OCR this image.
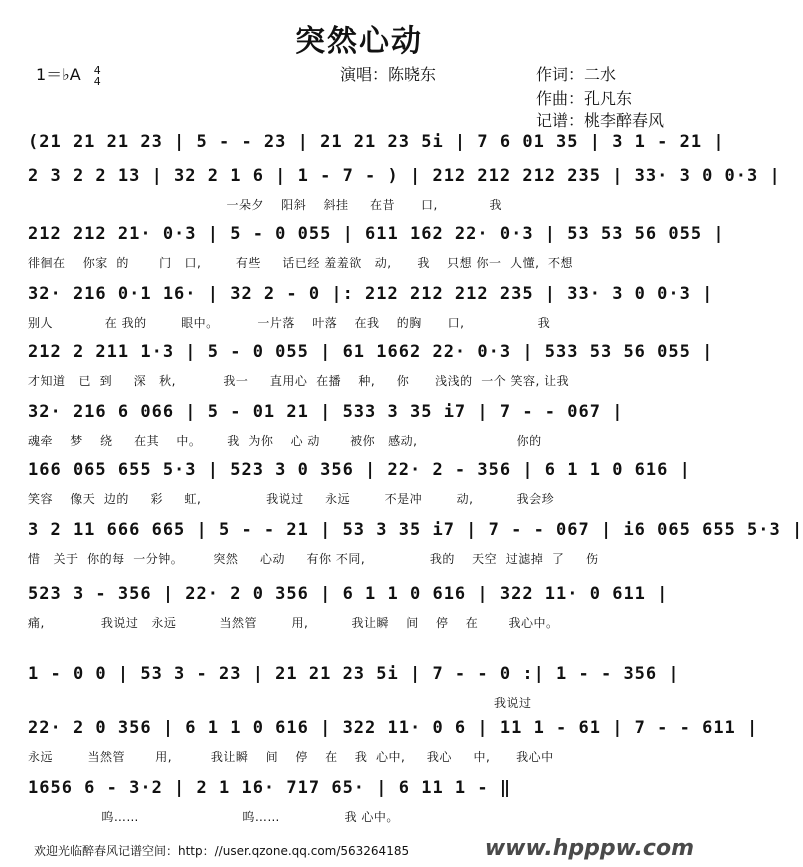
突然心动
1＝♭A 4
4	演唱：陈晓东	作词：二水
作曲：孔凡东
记谱：桃李醉春风
(21 21 21 23 | 5 - - 23 | 21 21 23 5i | 7 6 01 35 | 3 1 - 21 |
2 3 2 2 13 | 32 2 1 6 | 1 - 7 - ) | 212 212 212 235 | 33· 3 0 0·3 |
一朵夕    阳斜    斜挂     在昔      口,            我
212 212 21· 0·3 | 5 - 0 055 | 611 162 22· 0·3 | 53 53 56 055 |
徘徊在    你家  的       门   口,        有些     话已经 羞羞欲   动,      我    只想 你一  人懂,  不想
32· 216 0·1 16· | 32 2 - 0 |: 212 212 212 235 | 33· 3 0 0·3 |
别人            在 我的        眼中。         一片落    叶落    在我    的胸      口,                 我
212 2 211 1·3 | 5 - 0 055 | 61 1662 22· 0·3 | 533 53 56 055 |
才知道   已  到     深   秋,           我一     直用心  在播    种,     你      浅浅的  一个 笑容, 让我
32· 216 6 066 | 5 - 01 21 | 533 3 35 i7 | 7 - - 067 |
魂牵    梦    绕     在其    中。      我  为你    心 动       被你   感动,                       你的
166 065 655 5·3 | 523 3 0 356 | 22· 2 - 356 | 6 1 1 0 616 |
笑容    像天  边的     彩     虹,               我说过     永远        不是冲        动,          我会珍
3 2 11 666 665 | 5 - - 21 | 53 3 35 i7 | 7 - - 067 | i6 065 655 5·3 |
惜   关于  你的每  一分钟。       突然     心动     有你 不同,               我的    天空  过滤掉  了     伤
523 3 - 356 | 22· 2 0 356 | 6 1 1 0 616 | 322 11· 0 611 |
痛,             我说过   永远          当然管        用,          我让瞬    间    停    在       我心中。
1 - 0 0 | 53 3 - 23 | 21 21 23 5i | 7 - - 0 :| 1 - - 356 |
我说过
22· 2 0 356 | 6 1 1 0 616 | 322 11· 0 6 | 11 1 - 61 | 7 - - 611 |
永远        当然管       用,         我让瞬    间    停    在    我  心中,     我心     中,      我心中
1656 6 - 3·2 | 2 1 16· 717 65· | 6 11 1 - ‖
呜……                        呜……               我 心中。
欢迎光临醉春风记谱空间：http：//user.qzone.qq.com/563264185	www.hpppw.com
